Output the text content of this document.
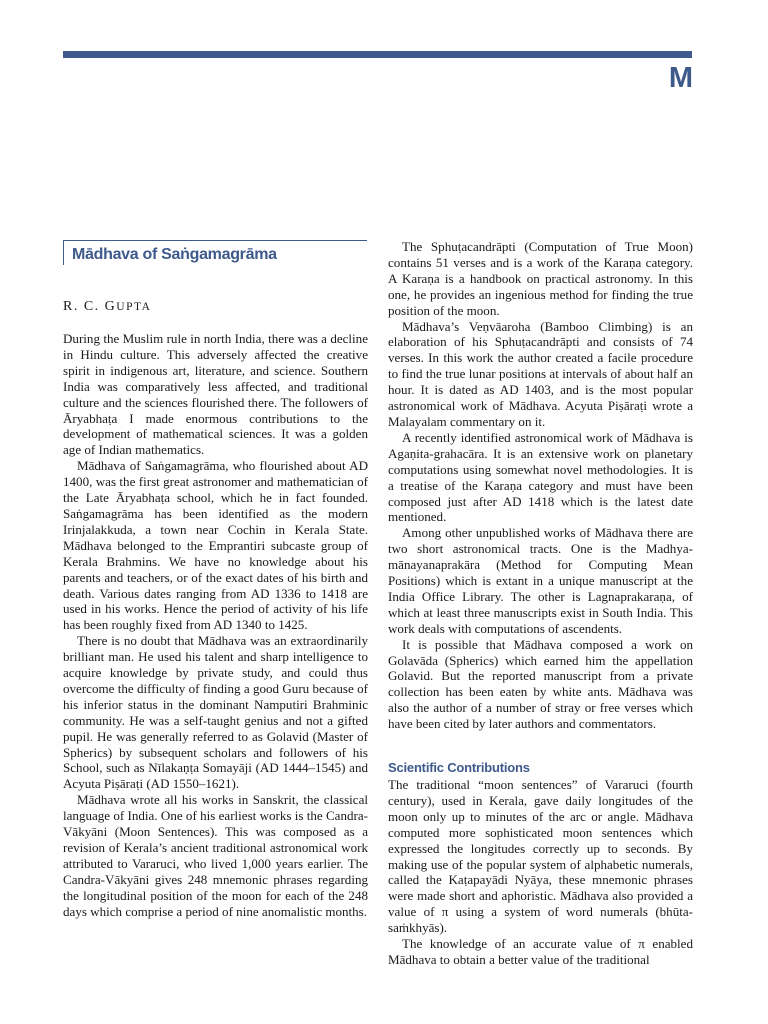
M
Mādhava of Saṅgamagrāma
R. C. GUPTA

During the Muslim rule in north India, there was a decline in Hindu culture. This adversely affected the creative spirit in indigenous art, literature, and science. Southern India was comparatively less affected, and traditional culture and the sciences flourished there. The followers of Āryabhaṭa I made enormous contributions to the development of mathematical sciences. It was a golden age of Indian mathematics.

Mādhava of Saṅgamagrāma, who flourished about AD 1400, was the first great astronomer and mathematician of the Late Āryabhaṭa school, which he in fact founded. Saṅgamagrāma has been identified as the modern Irinjalakkuda, a town near Cochin in Kerala State. Mādhava belonged to the Emprantiri subcaste group of Kerala Brahmins. We have no knowledge about his parents and teachers, or of the exact dates of his birth and death. Various dates ranging from AD 1336 to 1418 are used in his works. Hence the period of activity of his life has been roughly fixed from AD 1340 to 1425.

There is no doubt that Mādhava was an extraordinarily brilliant man. He used his talent and sharp intelligence to acquire knowledge by private study, and could thus overcome the difficulty of finding a good Guru because of his inferior status in the dominant Namputiri Brahminic community. He was a self-taught genius and not a gifted pupil. He was generally referred to as Golavid (Master of Spherics) by subsequent scholars and followers of his School, such as Nīlakaṇṭa Somayāji (AD 1444–1545) and Acyuta Piṣāraṭi (AD 1550–1621).

Mādhava wrote all his works in Sanskrit, the classical language of India. One of his earliest works is the Candra-Vākyāni (Moon Sentences). This was composed as a revision of Kerala’s ancient traditional astronomical work attributed to Vararuci, who lived 1,000 years earlier. The Candra-Vākyāni gives 248 mnemonic phrases regarding the longitudinal position of the moon for each of the 248 days which comprise a period of nine anomalistic months.

The Sphuṭacandrāpti (Computation of True Moon) contains 51 verses and is a work of the Karaṇa category. A Karaṇa is a handbook on practical astronomy. In this one, he provides an ingenious method for finding the true position of the moon.

Mādhava’s Veṇvāaroha (Bamboo Climbing) is an elaboration of his Sphuṭacandrāpti and consists of 74 verses. In this work the author created a facile procedure to find the true lunar positions at intervals of about half an hour. It is dated as AD 1403, and is the most popular astronomical work of Mādhava. Acyuta Piṣāraṭi wrote a Malayalam commentary on it.

A recently identified astronomical work of Mādhava is Agaṇita-grahacāra. It is an extensive work on planetary computations using somewhat novel methodologies. It is a treatise of the Karaṇa category and must have been composed just after AD 1418 which is the latest date mentioned.

Among other unpublished works of Mādhava there are two short astronomical tracts. One is the Madhyamānayanaprakāra (Method for Computing Mean Positions) which is extant in a unique manuscript at the India Office Library. The other is Lagnaprakaraṇa, of which at least three manuscripts exist in South India. This work deals with computations of ascendents.

It is possible that Mādhava composed a work on Golavāda (Spherics) which earned him the appellation Golavid. But the reported manuscript from a private collection has been eaten by white ants. Mādhava was also the author of a number of stray or free verses which have been cited by later authors and commentators.

Scientific Contributions

The traditional “moon sentences” of Vararuci (fourth century), used in Kerala, gave daily longitudes of the moon only up to minutes of the arc or angle. Mādhava computed more sophisticated moon sentences which expressed the longitudes correctly up to seconds. By making use of the popular system of alphabetic numerals, called the Kaṭapayādi Nyāya, these mnemonic phrases were made short and aphoristic. Mādhava also provided a value of π using a system of word numerals (bhūta-saṁkhyās).

The knowledge of an accurate value of π enabled Mādhava to obtain a better value of the traditional
